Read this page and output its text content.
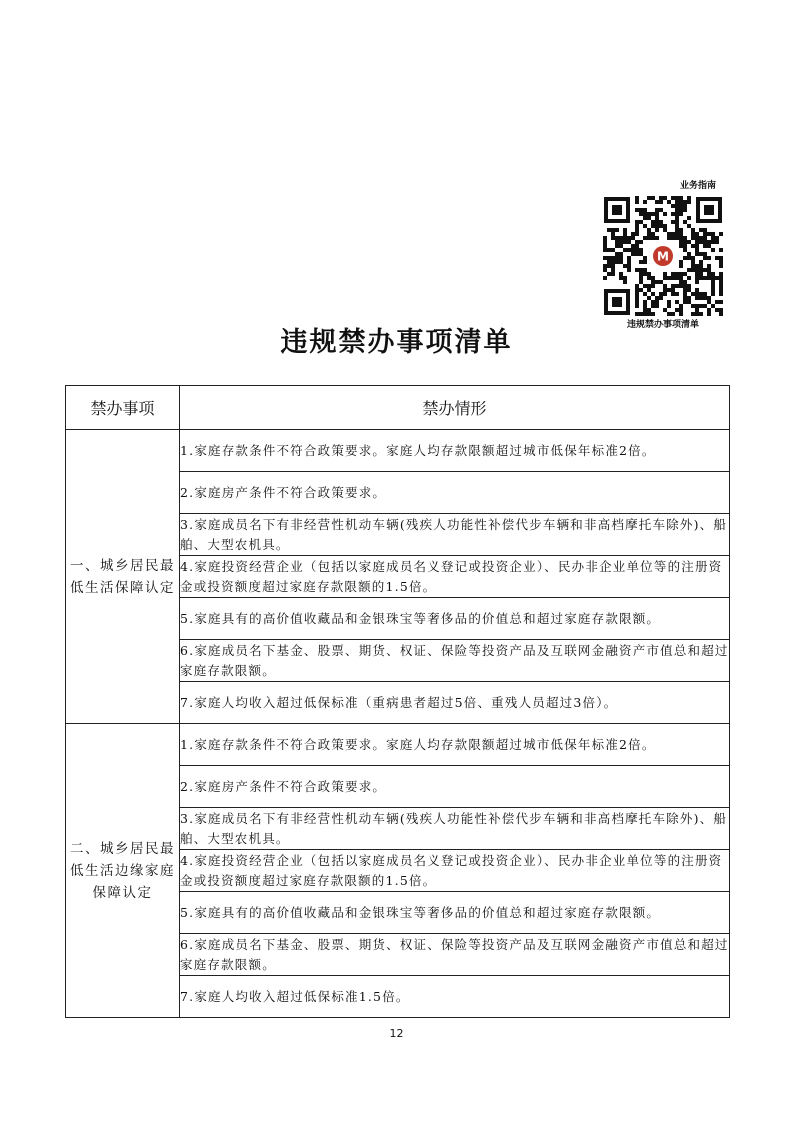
业务指南
M
违规禁办事项清单
违规禁办事项清单
禁办事项	禁办情形
一、城乡居民最低生活保障认定	1.家庭存款条件不符合政策要求。家庭人均存款限额超过城市低保年标准2倍。
	2.家庭房产条件不符合政策要求。
	3.家庭成员名下有非经营性机动车辆(残疾人功能性补偿代步车辆和非高档摩托车除外)、船舶、大型农机具。
	4.家庭投资经营企业（包括以家庭成员名义登记或投资企业）、民办非企业单位等的注册资金或投资额度超过家庭存款限额的1.5倍。
	5.家庭具有的高价值收藏品和金银珠宝等奢侈品的价值总和超过家庭存款限额。
	6.家庭成员名下基金、股票、期货、权证、保险等投资产品及互联网金融资产市值总和超过家庭存款限额。
	7.家庭人均收入超过低保标准（重病患者超过5倍、重残人员超过3倍）。
二、城乡居民最低生活边缘家庭保障认定	1.家庭存款条件不符合政策要求。家庭人均存款限额超过城市低保年标准2倍。
	2.家庭房产条件不符合政策要求。
	3.家庭成员名下有非经营性机动车辆(残疾人功能性补偿代步车辆和非高档摩托车除外)、船舶、大型农机具。
	4.家庭投资经营企业（包括以家庭成员名义登记或投资企业）、民办非企业单位等的注册资金或投资额度超过家庭存款限额的1.5倍。
	5.家庭具有的高价值收藏品和金银珠宝等奢侈品的价值总和超过家庭存款限额。
	6.家庭成员名下基金、股票、期货、权证、保险等投资产品及互联网金融资产市值总和超过家庭存款限额。
	7.家庭人均收入超过低保标准1.5倍。
12
